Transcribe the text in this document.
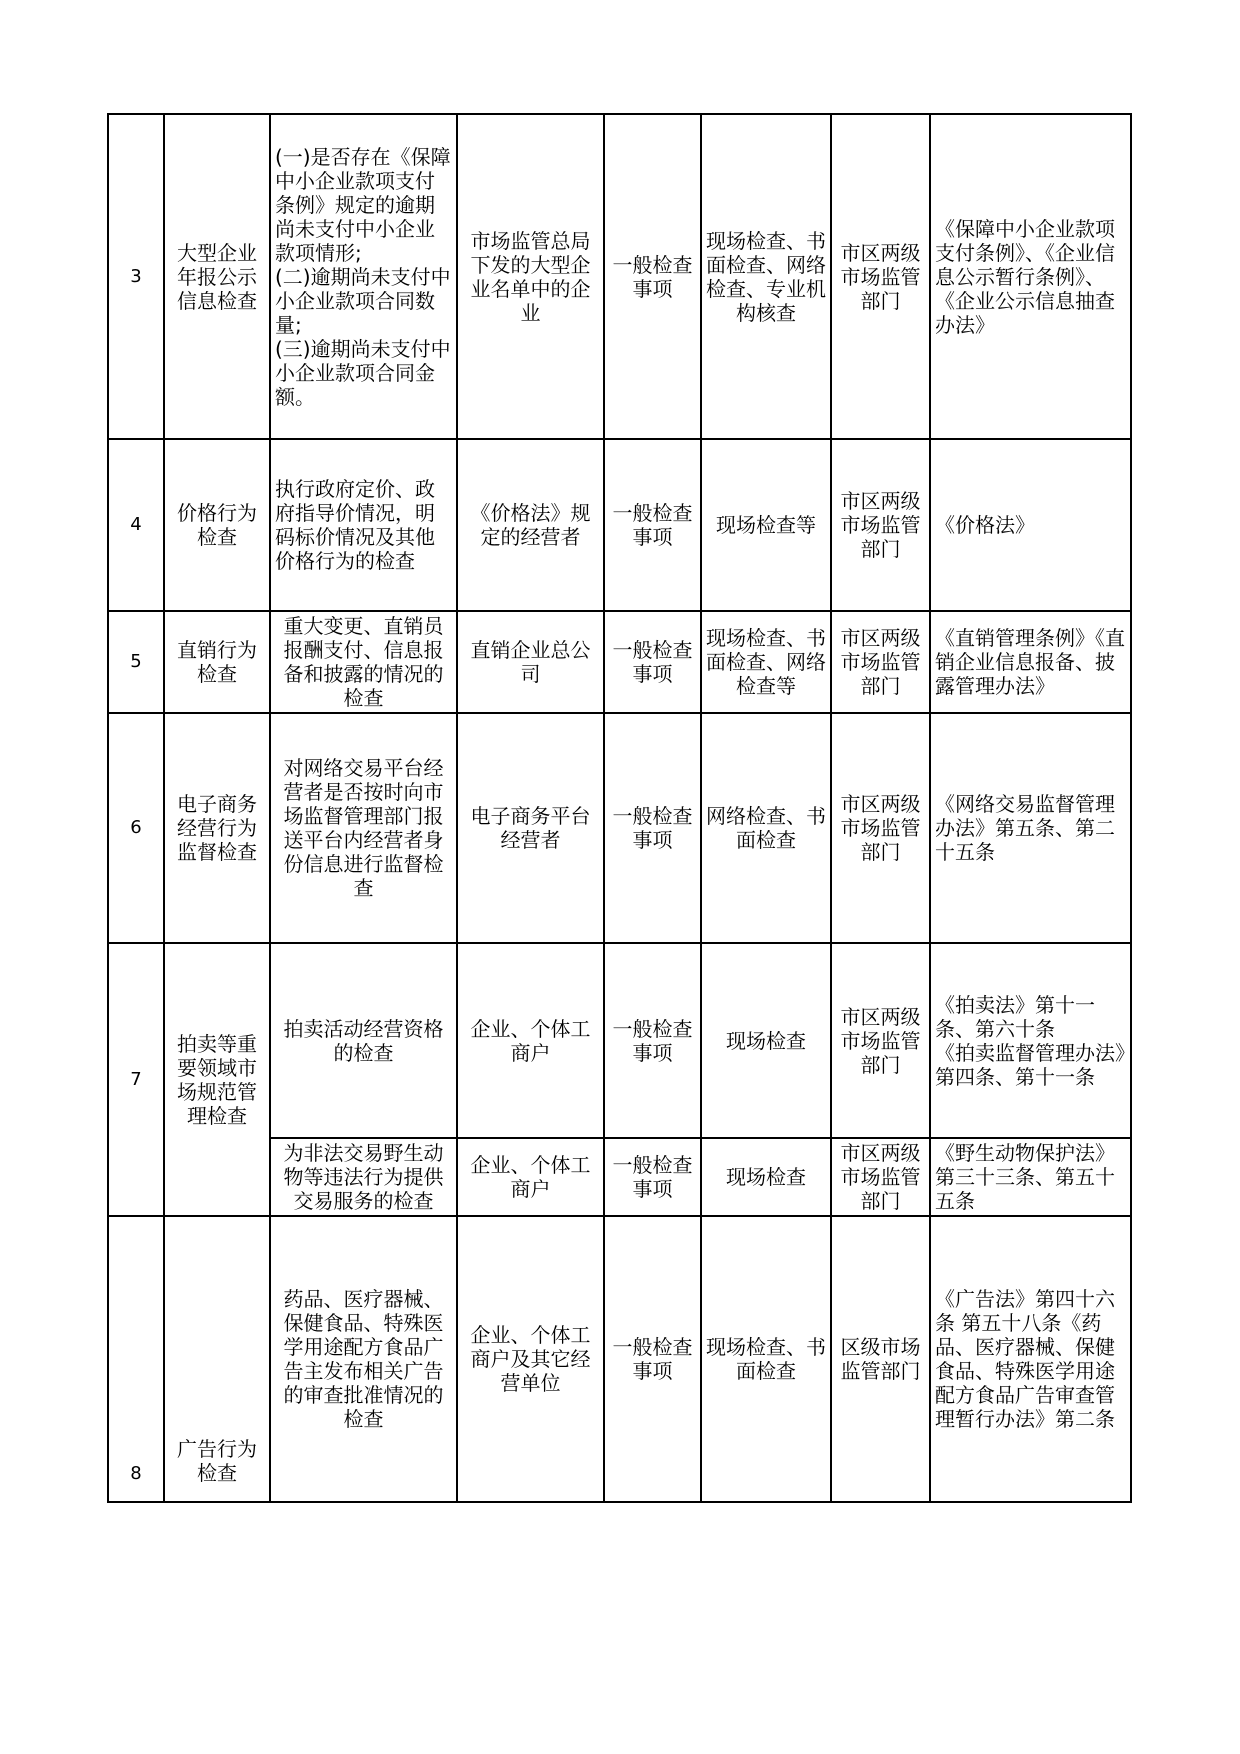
3	大型企业年报公示信息检查	(一)是否存在《保障中小企业款项支付条例》规定的逾期尚未支付中小企业款项情形;
(二)逾期尚未支付中小企业款项合同数量;
(三)逾期尚未支付中小企业款项合同金额。	市场监管总局下发的大型企业名单中的企业	一般检查事项	现场检查、书面检查、网络检查、专业机构核查	市区两级市场监管部门	《保障中小企业款项支付条例》、《企业信息公示暂行条例》、《企业公示信息抽查办法》
4	价格行为检查	执行政府定价、政府指导价情况，明码标价情况及其他价格行为的检查	《价格法》规定的经营者	一般检查事项	现场检查等	市区两级市场监管部门	《价格法》
5	直销行为检查	重大变更、直销员报酬支付、信息报备和披露的情况的检查	直销企业总公司	一般检查事项	现场检查、书面检查、网络检查等	市区两级市场监管部门	《直销管理条例》《直销企业信息报备、披露管理办法》
6	电子商务经营行为监督检查	对网络交易平台经营者是否按时向市场监督管理部门报送平台内经营者身份信息进行监督检查	电子商务平台经营者	一般检查事项	网络检查、书面检查	市区两级市场监管部门	《网络交易监督管理办法》第五条、第二十五条
7	拍卖等重要领域市场规范管理检查	拍卖活动经营资格的检查	企业、个体工商户	一般检查事项	现场检查	市区两级市场监管部门	《拍卖法》第十一条、第六十条
《拍卖监督管理办法》第四条、第十一条

		为非法交易野生动物等违法行为提供交易服务的检查	企业、个体工商户	一般检查事项	现场检查	市区两级市场监管部门	《野生动物保护法》第三十三条、第五十五条
8	广告行为检查	药品、医疗器械、保健食品、特殊医学用途配方食品广告主发布相关广告的审查批准情况的检查	企业、个体工商户及其它经营单位	一般检查事项	现场检查、书面检查	区级市场监管部门	《广告法》第四十六条 第五十八条《药品、医疗器械、保健食品、特殊医学用途配方食品广告审查管理暂行办法》第二条
